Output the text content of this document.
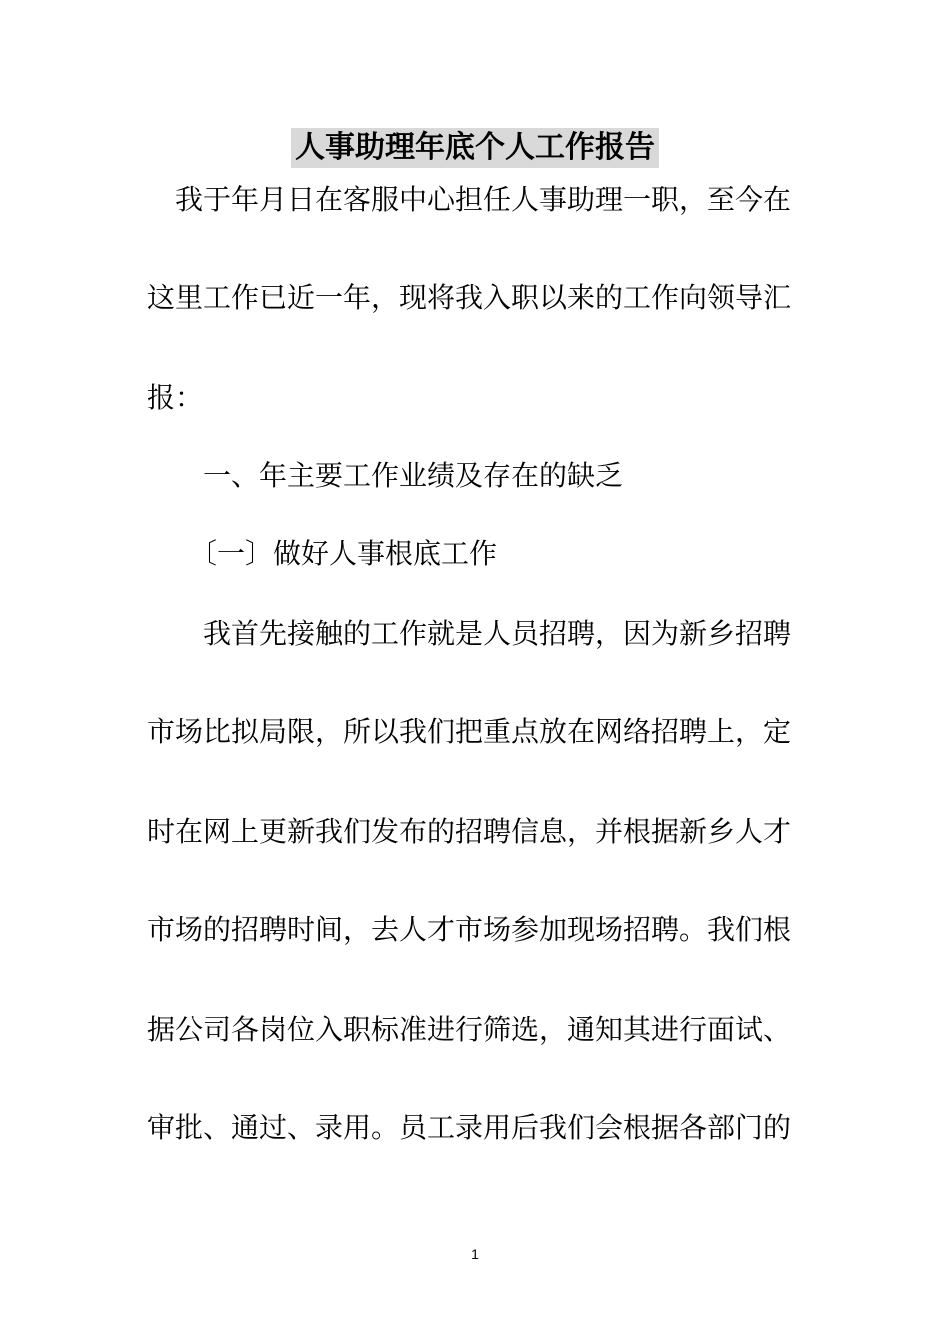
人事助理年底个人工作报告
　我于年月日在客服中心担任人事助理一职，至今在
这里工作已近一年，现将我入职以来的工作向领导汇
报：
　　一、年主要工作业绩及存在的缺乏
　　〔一〕做好人事根底工作
　　我首先接触的工作就是人员招聘，因为新乡招聘
市场比拟局限，所以我们把重点放在网络招聘上，定
时在网上更新我们发布的招聘信息，并根据新乡人才
市场的招聘时间，去人才市场参加现场招聘。我们根
据公司各岗位入职标准进行筛选，通知其进行面试、
审批、通过、录用。员工录用后我们会根据各部门的
1
